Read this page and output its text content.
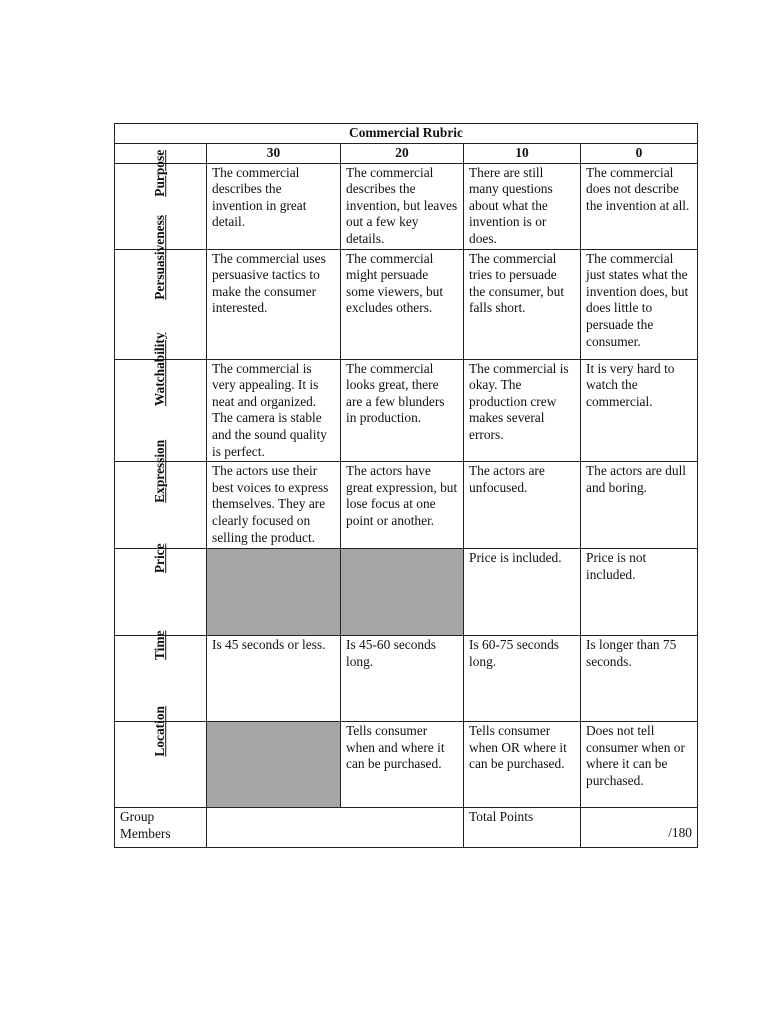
Commercial Rubric				
	30	20	10	0

Purpose	The commercial describes the invention in great detail.	The commercial describes the invention, but leaves out a few key details.	There are still many questions about what the invention is or does.	The commercial does not describe the invention at all.

Persuasiveness	The commercial uses persuasive tactics to make the consumer interested.	The commercial might persuade some viewers, but excludes others.	The commercial tries to persuade the consumer, but falls short.	The commercial just states what the invention does, but does little to persuade the consumer.

Watchability	The commercial is very appealing. It is neat and organized. The camera is stable and the sound quality is perfect.	The commercial looks great, there are a few blunders in production.	The commercial is okay. The production crew makes several errors.	It is very hard to watch the commercial.

Expression	The actors use their best voices to express themselves. They are clearly focused on selling the product.	The actors have great expression, but lose focus at one point or another.	The actors are unfocused.	The actors are dull and boring.

Price			Price is included.	Price is not included.

Time	Is 45 seconds or less.	Is 45-60 seconds long.	Is 60-75 seconds long.	Is longer than 75 seconds.

Location		Tells consumer when and where it can be purchased.	Tells consumer when OR where it can be purchased.	Does not tell consumer when or where it can be purchased.
Group Members			Total Points	/180
